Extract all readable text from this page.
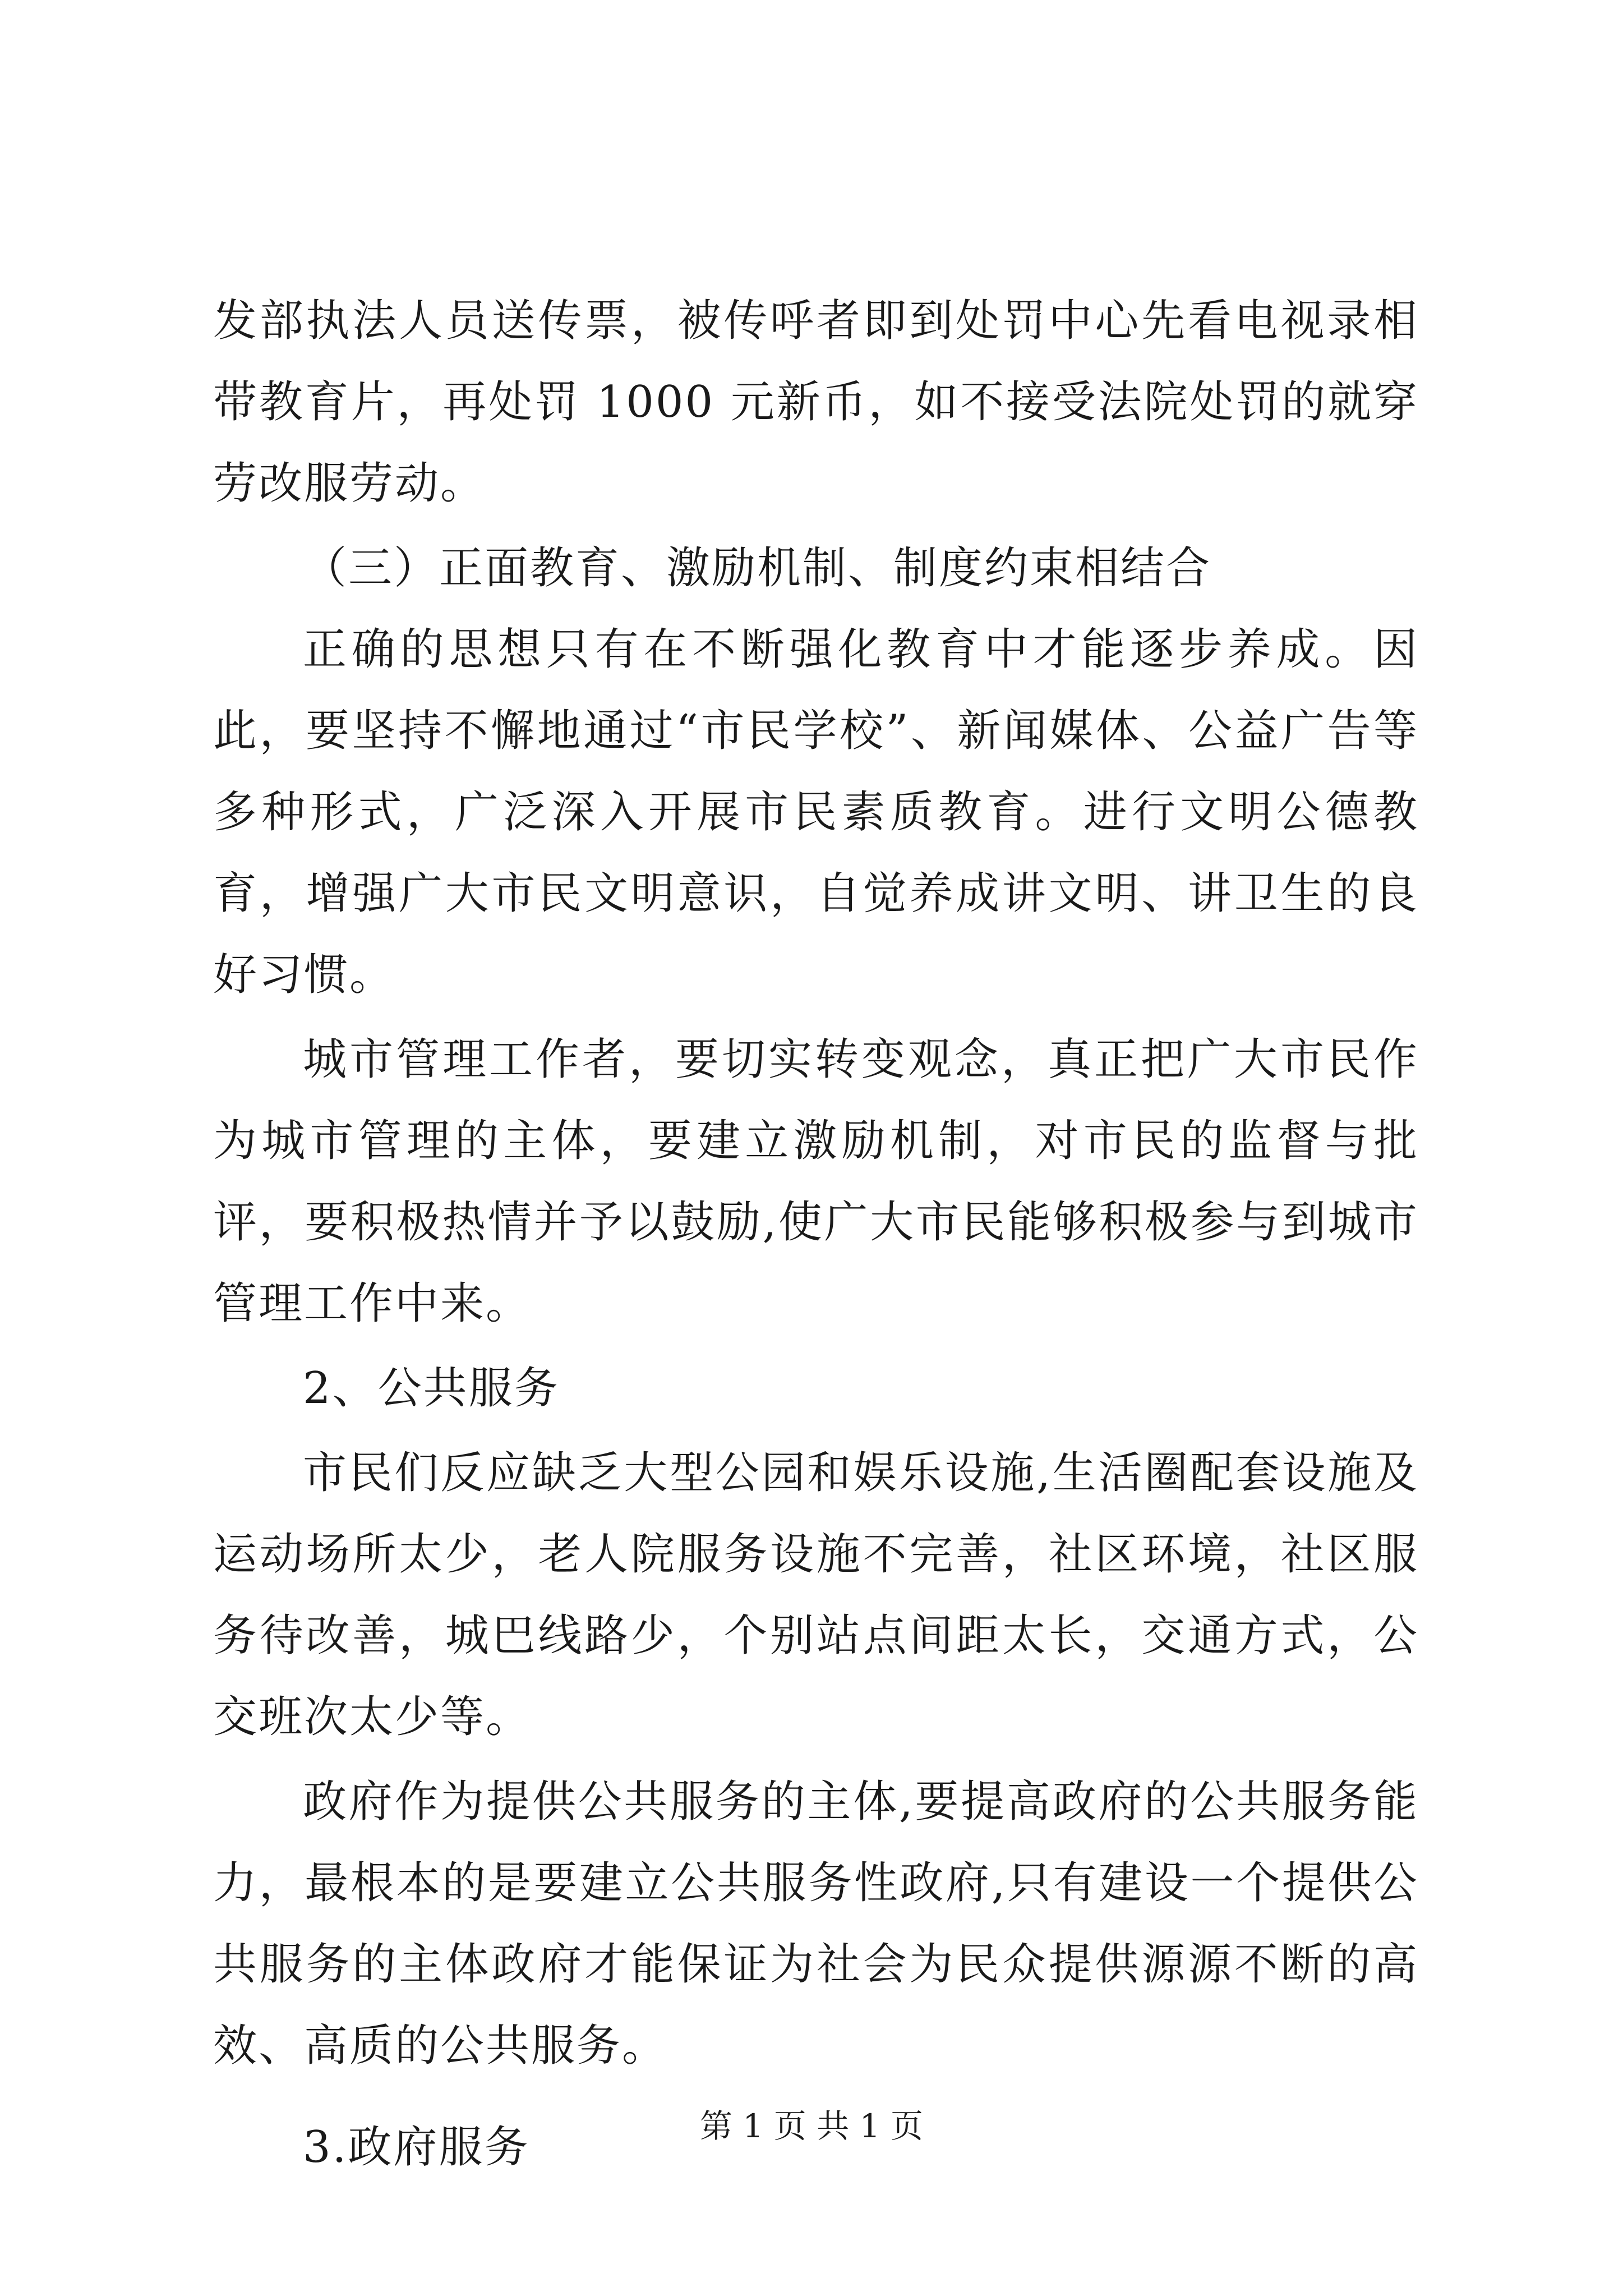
发部执法人员送传票，被传呼者即到处罚中心先看电视录相带教育片，再处罚 1000 元新币，如不接受法院处罚的就穿劳改服劳动。

（三）正面教育、激励机制、制度约束相结合

正确的思想只有在不断强化教育中才能逐步养成。因此，要坚持不懈地通过“市民学校”、新闻媒体、公益广告等多种形式，广泛深入开展市民素质教育。进行文明公德教育，增强广大市民文明意识，自觉养成讲文明、讲卫生的良好习惯。

城市管理工作者，要切实转变观念，真正把广大市民作为城市管理的主体，要建立激励机制，对市民的监督与批评，要积极热情并予以鼓励,使广大市民能够积极参与到城市管理工作中来。

2、公共服务

市民们反应缺乏大型公园和娱乐设施,生活圈配套设施及运动场所太少，老人院服务设施不完善，社区环境，社区服务待改善，城巴线路少，个别站点间距太长，交通方式，公交班次太少等。

政府作为提供公共服务的主体,要提高政府的公共服务能力，最根本的是要建立公共服务性政府,只有建设一个提供公共服务的主体政府才能保证为社会为民众提供源源不断的高效、高质的公共服务。

3.政府服务	第 1 页 共 1 页
